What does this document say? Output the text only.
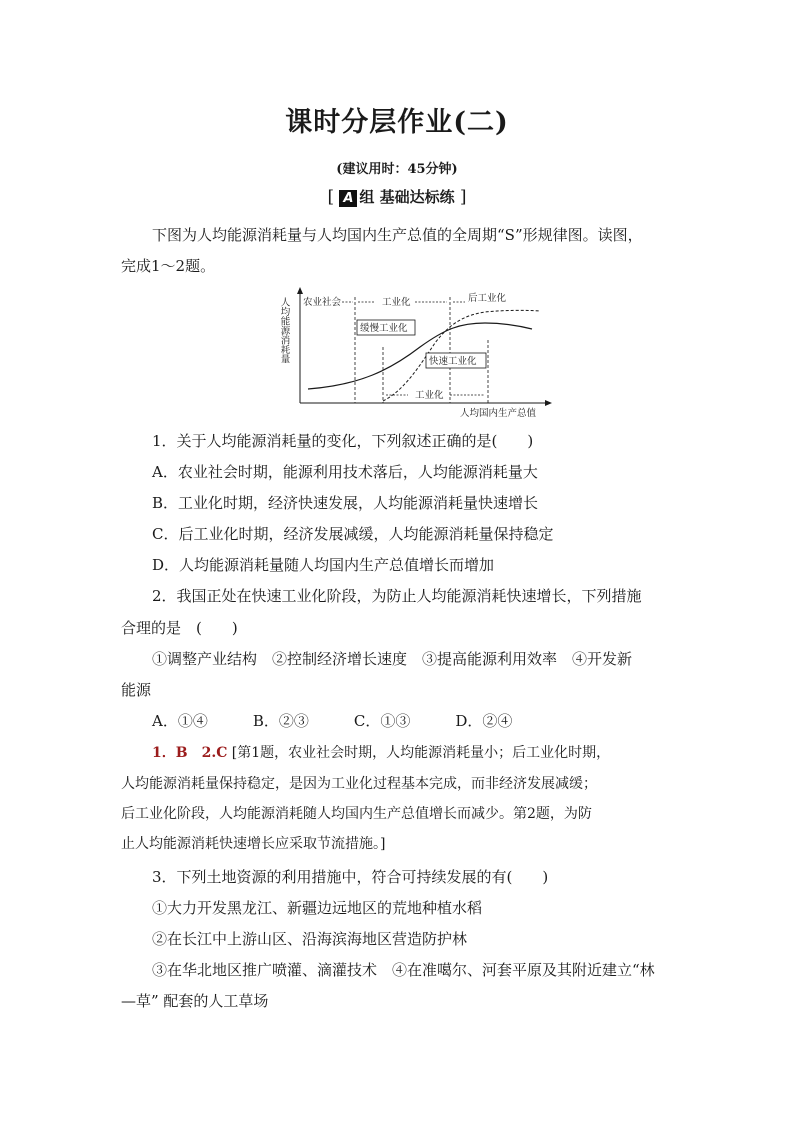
课时分层作业(二)
(建议用时：45分钟)
[ A 组 基础达标练 ]
下图为人均能源消耗量与人均国内生产总值的全周期“S”形规律图。读图，
完成1～2题。
人均能源消耗量
人均国内生产总值
农业社会	工业化	后工业化
缓慢工业化
快速工业化
工业化
1．关于人均能源消耗量的变化，下列叙述正确的是(　　)
A．农业社会时期，能源利用技术落后，人均能源消耗量大
B．工业化时期，经济快速发展，人均能源消耗量快速增长
C．后工业化时期，经济发展减缓，人均能源消耗量保持稳定
D．人均能源消耗量随人均国内生产总值增长而增加
2．我国正处在快速工业化阶段，为防止人均能源消耗快速增长，下列措施
合理的是　(　　)
①调整产业结构　②控制经济增长速度　③提高能源利用效率　④开发新
能源
A．①④　　　B．②③　　　C．①③　　　D．②④
1．B　2.C [第1题，农业社会时期，人均能源消耗量小；后工业化时期，
人均能源消耗量保持稳定，是因为工业化过程基本完成，而非经济发展减缓；
后工业化阶段，人均能源消耗随人均国内生产总值增长而减少。第2题，为防
止人均能源消耗快速增长应采取节流措施。]
3．下列土地资源的利用措施中，符合可持续发展的有(　　)
①大力开发黑龙江、新疆边远地区的荒地种植水稻
②在长江中上游山区、沿海滨海地区营造防护林
③在华北地区推广喷灌、滴灌技术　④在准噶尔、河套平原及其附近建立“林
—草” 配套的人工草场
